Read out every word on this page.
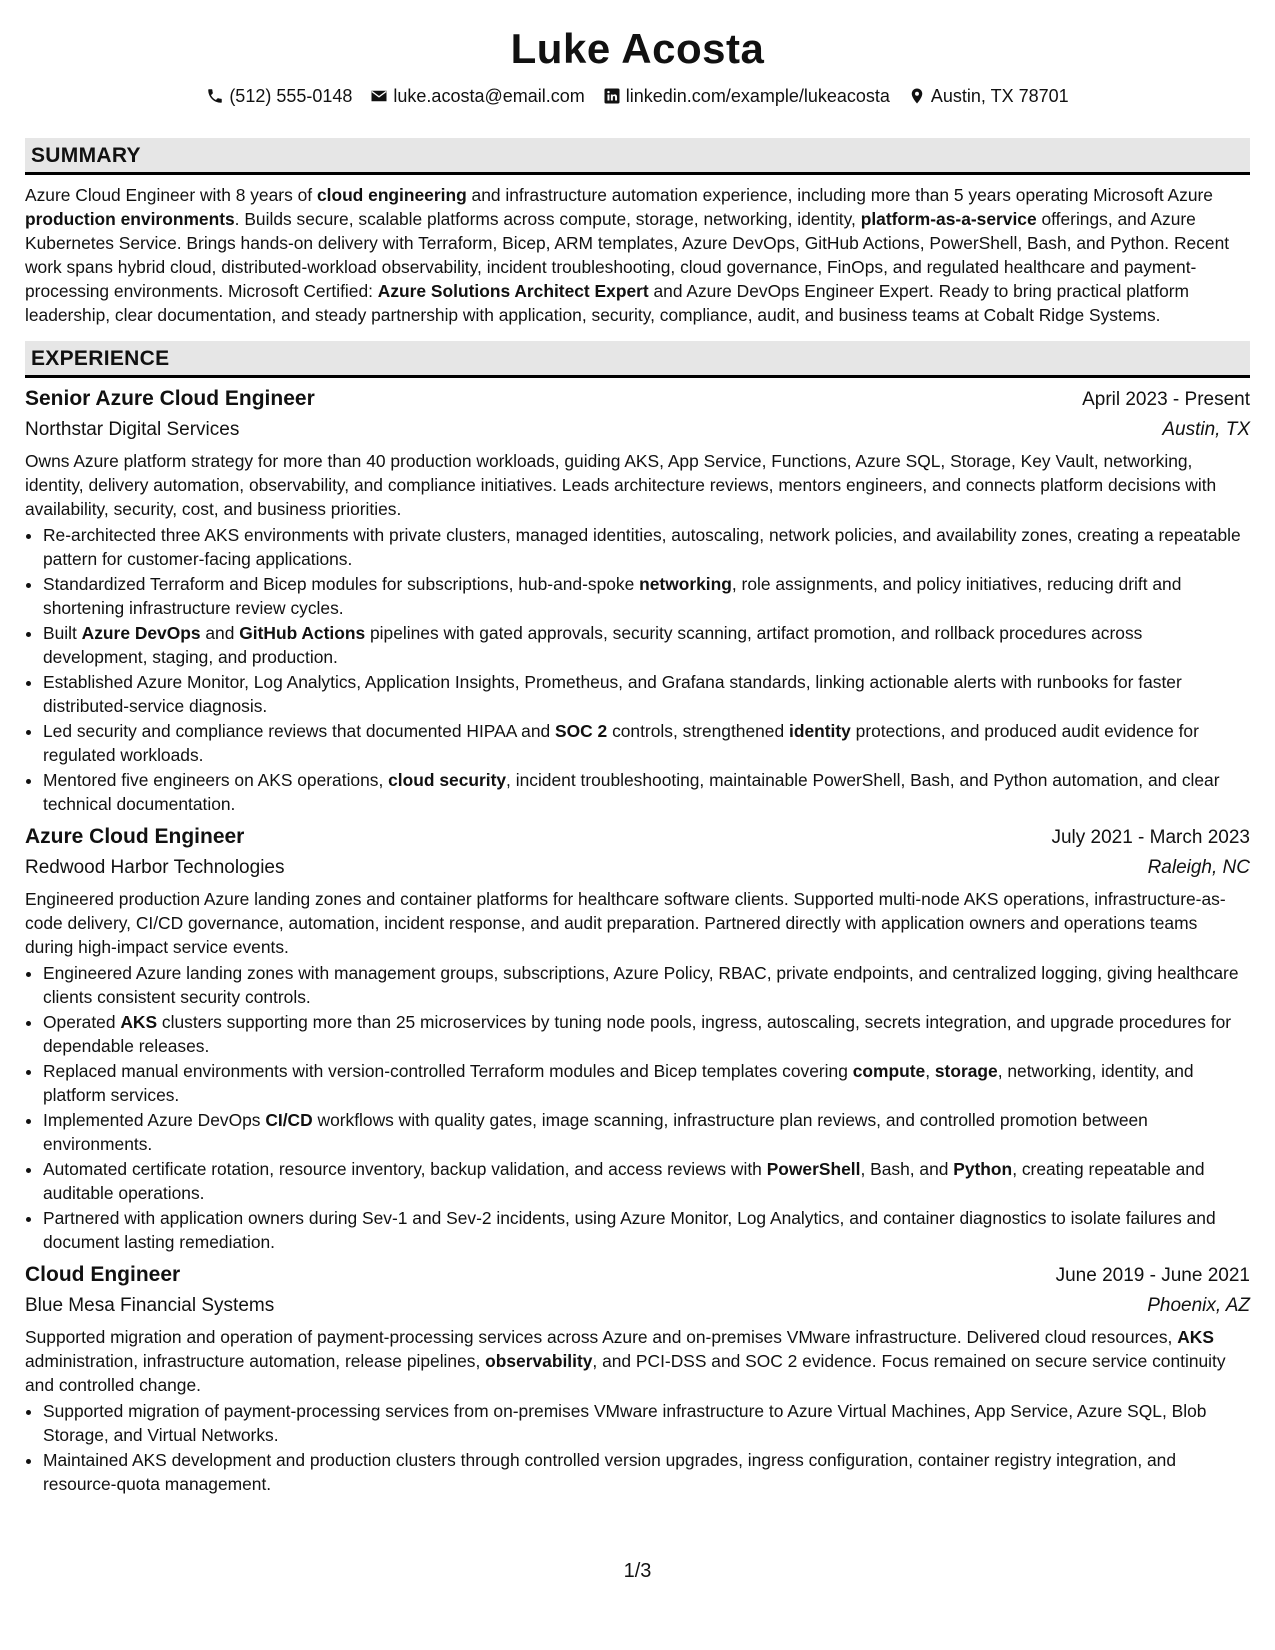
Luke Acosta
(512) 555-0148 luke.acosta@email.com linkedin.com/example/lukeacosta Austin, TX 78701
SUMMARY
Azure Cloud Engineer with 8 years of cloud engineering and infrastructure automation experience, including more than 5 years operating Microsoft Azure production environments. Builds secure, scalable platforms across compute, storage, networking, identity, platform-as-a-service offerings, and Azure Kubernetes Service. Brings hands-on delivery with Terraform, Bicep, ARM templates, Azure DevOps, GitHub Actions, PowerShell, Bash, and Python. Recent work spans hybrid cloud, distributed-workload observability, incident troubleshooting, cloud governance, FinOps, and regulated healthcare and payment-processing environments. Microsoft Certified: Azure Solutions Architect Expert and Azure DevOps Engineer Expert. Ready to bring practical platform leadership, clear documentation, and steady partnership with application, security, compliance, audit, and business teams at Cobalt Ridge Systems.
EXPERIENCE
Senior Azure Cloud Engineer	April 2023 - Present
Northstar Digital Services	Austin, TX
Owns Azure platform strategy for more than 40 production workloads, guiding AKS, App Service, Functions, Azure SQL, Storage, Key Vault, networking, identity, delivery automation, observability, and compliance initiatives. Leads architecture reviews, mentors engineers, and connects platform decisions with availability, security, cost, and business priorities.
• Re-architected three AKS environments with private clusters, managed identities, autoscaling, network policies, and availability zones, creating a repeatable pattern for customer-facing applications.
• Standardized Terraform and Bicep modules for subscriptions, hub-and-spoke networking, role assignments, and policy initiatives, reducing drift and shortening infrastructure review cycles.
• Built Azure DevOps and GitHub Actions pipelines with gated approvals, security scanning, artifact promotion, and rollback procedures across development, staging, and production.
• Established Azure Monitor, Log Analytics, Application Insights, Prometheus, and Grafana standards, linking actionable alerts with runbooks for faster distributed-service diagnosis.
• Led security and compliance reviews that documented HIPAA and SOC 2 controls, strengthened identity protections, and produced audit evidence for regulated workloads.
• Mentored five engineers on AKS operations, cloud security, incident troubleshooting, maintainable PowerShell, Bash, and Python automation, and clear technical documentation.
Azure Cloud Engineer	July 2021 - March 2023
Redwood Harbor Technologies	Raleigh, NC
Engineered production Azure landing zones and container platforms for healthcare software clients. Supported multi-node AKS operations, infrastructure-as-code delivery, CI/CD governance, automation, incident response, and audit preparation. Partnered directly with application owners and operations teams during high-impact service events.
• Engineered Azure landing zones with management groups, subscriptions, Azure Policy, RBAC, private endpoints, and centralized logging, giving healthcare clients consistent security controls.
• Operated AKS clusters supporting more than 25 microservices by tuning node pools, ingress, autoscaling, secrets integration, and upgrade procedures for dependable releases.
• Replaced manual environments with version-controlled Terraform modules and Bicep templates covering compute, storage, networking, identity, and platform services.
• Implemented Azure DevOps CI/CD workflows with quality gates, image scanning, infrastructure plan reviews, and controlled promotion between environments.
• Automated certificate rotation, resource inventory, backup validation, and access reviews with PowerShell, Bash, and Python, creating repeatable and auditable operations.
• Partnered with application owners during Sev-1 and Sev-2 incidents, using Azure Monitor, Log Analytics, and container diagnostics to isolate failures and document lasting remediation.
Cloud Engineer	June 2019 - June 2021
Blue Mesa Financial Systems	Phoenix, AZ
Supported migration and operation of payment-processing services across Azure and on-premises VMware infrastructure. Delivered cloud resources, AKS administration, infrastructure automation, release pipelines, observability, and PCI-DSS and SOC 2 evidence. Focus remained on secure service continuity and controlled change.
• Supported migration of payment-processing services from on-premises VMware infrastructure to Azure Virtual Machines, App Service, Azure SQL, Blob Storage, and Virtual Networks.
• Maintained AKS development and production clusters through controlled version upgrades, ingress configuration, container registry integration, and resource-quota management.
1/3
